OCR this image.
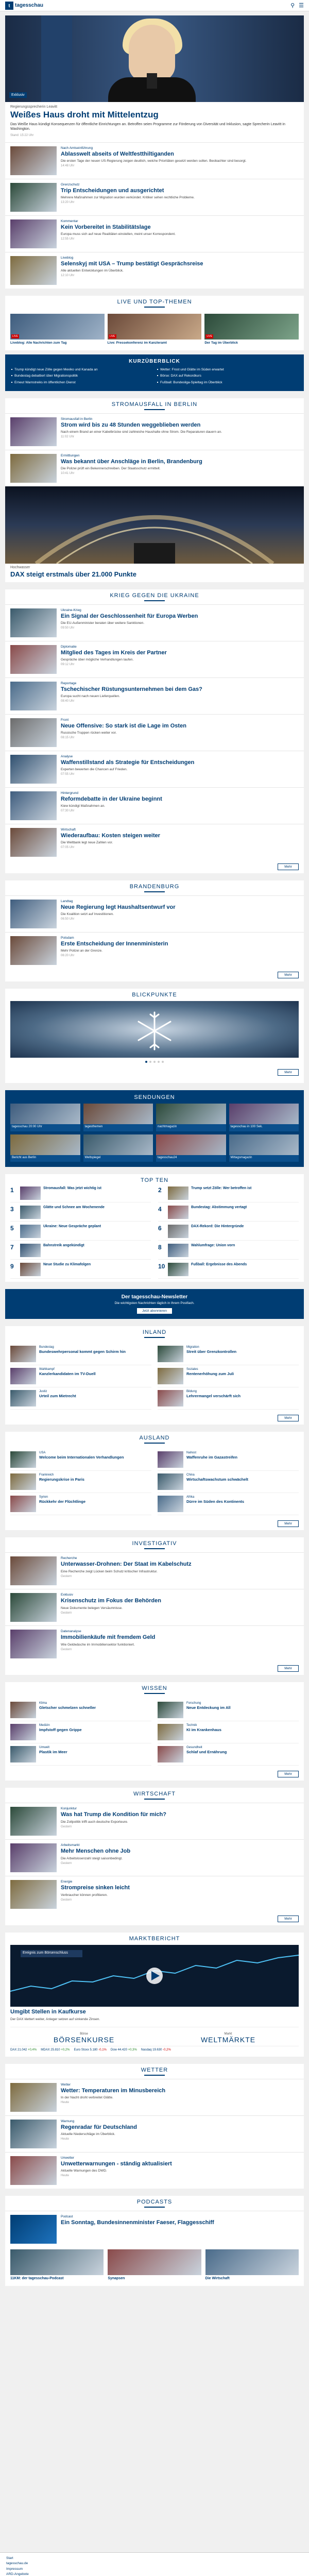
t tagesschau	⚲ ☰
Exklusiv
Regierungssprecherin Leavitt
Weißes Haus droht mit Mittelentzug

Das Weiße Haus kündigt Konsequenzen für öffentliche Einrichtungen an. Betroffen seien Programme zur Förderung von Diversität und Inklusion, sagte Sprecherin Leavitt in Washington.

Stand: 15:22 Uhr
Nach Amtseinführung
Ablasswelt abseits of Weltfestthiltiganden

Die ersten Tage der neuen US-Regierung zeigen deutlich, welche Prioritäten gesetzt werden sollen. Beobachter sind besorgt.

14:48 Uhr
Grenzschutz
Trip Entscheidungen und ausgerichtet

Mehrere Maßnahmen zur Migration wurden verkündet. Kritiker sehen rechtliche Probleme.

13:20 Uhr
Kommentar
Kein Vorbereitet in Stabilitätslage

Europa muss sich auf neue Realitäten einstellen, meint unser Korrespondent.

12:55 Uhr
Liveblog
Selenskyj mit USA – Trump bestätigt Gesprächsreise

Alle aktuellen Entwicklungen im Überblick.

12:10 Uhr
LIVE UND TOP-THEMEN
LIVE
Liveblog: Alle Nachrichten zum Tag
LIVE
Live: Pressekonferenz im Kanzleramt
LIVE
Der Tag im Überblick
KURZÜBERBLICK
Trump kündigt neue Zölle gegen Mexiko und Kanada an
Bundestag debattiert über Migrationspolitik
Erneut Warnstreiks im öffentlichen Dienst
Wetter: Frost und Glätte im Süden erwartet
Börse: DAX auf Rekordkurs
Fußball: Bundesliga-Spieltag im Überblick
STROMAUSFALL IN BERLIN
Stromausfall in Berlin
Strom wird bis zu 48 Stunden weggeblieben werden

Nach einem Brand an einer Kabelbrücke sind zahlreiche Haushalte ohne Strom. Die Reparaturen dauern an.

11:02 Uhr
Ermittlungen
Was bekannt über Anschläge in Berlin, Brandenburg

Die Polizei prüft ein Bekennerschreiben. Der Staatsschutz ermittelt.

10:41 Uhr
Hochwasser
DAX steigt erstmals über 21.000 Punkte
KRIEG GEGEN DIE UKRAINE
Ukraine-Krieg
Ein Signal der Geschlossenheit für Europa Werben

Die EU-Außenminister beraten über weitere Sanktionen.

09:50 Uhr
Diplomatie
Mitglied des Tages im Kreis der Partner

Gespräche über mögliche Verhandlungen laufen.

09:12 Uhr
Reportage
Tschechischer Rüstungsunternehmen bei dem Gas?

Europa sucht nach neuen Lieferquellen.

08:40 Uhr
Front
Neue Offensive: So stark ist die Lage im Osten

Russische Truppen rücken weiter vor.

08:15 Uhr
Analyse
Waffenstillstand als Strategie für Entscheidungen

Experten bewerten die Chancen auf Frieden.

07:55 Uhr
Hintergrund
Reformdebatte in der Ukraine beginnt

Kiew kündigt Maßnahmen an.

07:30 Uhr
Wirtschaft
Wiederaufbau: Kosten steigen weiter

Die Weltbank legt neue Zahlen vor.

07:05 Uhr
Mehr
BRANDENBURG
Landtag
Neue Regierung legt Haushaltsentwurf vor

Die Koalition setzt auf Investitionen.

06:50 Uhr
Potsdam
Erste Entscheidung der Innenministerin

Mehr Polizei an der Grenze.

06:20 Uhr
Mehr
BLICKPUNKTE
Mehr
SENDUNGEN
tagesschau 20:00 Uhr	tagesthemen	nachtmagazin	tagesschau in 100 Sek.
Bericht aus Berlin	Weltspiegel	tagesschau24	Mittagsmagazin
TOP TEN
1	Stromausfall: Was jetzt wichtig ist	2	Trump setzt Zölle: Wer betroffen ist
3	Glätte und Schnee am Wochenende	4	Bundestag: Abstimmung vertagt
5	Ukraine: Neue Gespräche geplant	6	DAX-Rekord: Die Hintergründe
7	Bahnstreik angekündigt	8	Wahlumfrage: Union vorn
9	Neue Studie zu Klimafolgen	10	Fußball: Ergebnisse des Abends
Der tagesschau-Newsletter

Die wichtigsten Nachrichten täglich in Ihrem Postfach.

Jetzt abonnieren
INLAND
Bundestag
Bundeswehrpersonal kommt gegen Schirm hin
Migration
Streit über Grenzkontrollen
Wahlkampf
Kanzlerkandidaten im TV-Duell
Soziales
Rentenerhöhung zum Juli
Justiz
Urteil zum Mietrecht
Bildung
Lehrermangel verschärft sich
Mehr
AUSLAND
USA
Welcome beim Internationalen Verhandlungen
Nahost
Waffenruhe im Gazastreifen
Frankreich
Regierungskrise in Paris
China
Wirtschaftswachstum schwächelt
Syrien
Rückkehr der Flüchtlinge
Afrika
Dürre im Süden des Kontinents
Mehr
INVESTIGATIV
Recherche
Unterwasser-Drohnen: Der Staat im Kabelschutz

Eine Recherche zeigt Lücken beim Schutz kritischer Infrastruktur.

Gestern
Exklusiv
Krisenschutz im Fokus der Behörden

Neue Dokumente belegen Versäumnisse.

Gestern
Datenanalyse
Immobilienkäufe mit fremdem Geld

Wie Geldwäsche im Immobiliensektor funktioniert.

Gestern
Mehr
WISSEN
Klima
Gletscher schmelzen schneller
Forschung
Neue Entdeckung im All
Medizin
Impfstoff gegen Grippe
Technik
KI im Krankenhaus
Umwelt
Plastik im Meer
Gesundheit
Schlaf und Ernährung
Mehr
WIRTSCHAFT
Konjunktur
Was hat Trump die Kondition für mich?

Die Zollpolitik trifft auch deutsche Exporteure.

Gestern
Arbeitsmarkt
Mehr Menschen ohne Job

Die Arbeitslosenzahl steigt saisonbedingt.

Gestern
Energie
Strompreise sinken leicht

Verbraucher können profitieren.

Gestern
Mehr
MARKTBERICHT
Ereignis zum Börsenschluss
Umgibt Stellen in Kaufkurse

Der DAX klettert weiter, Anleger setzen auf sinkende Zinsen.

Börse
BÖRSENKURSE
Markt
WELTMÄRKTE
DAX 21.042 +0,4% MDAX 25.810 +0,2% Euro Stoxx 5.180 -0,1% Dow 44.420 +0,3% Nasdaq 19.630 -0,2%
WETTER
Wetter
Wetter: Temperaturen im Minusbereich

In der Nacht droht verbreitet Glätte.

Heute
Warnung
Regenradar für Deutschland

Aktuelle Niederschläge im Überblick.

Heute
Unwetter
Unwetterwarnungen - ständig aktualisiert

Aktuelle Warnungen des DWD.

Heute
PODCASTS
Podcast
Ein Sonntag, Bundesinnenminister Faeser, Flaggesschiff
11KM: der tagesschau-Podcast	Synapsen	Die Wirtschaft
Start
tagesschau.de
Impressum
ARD-Angebote
